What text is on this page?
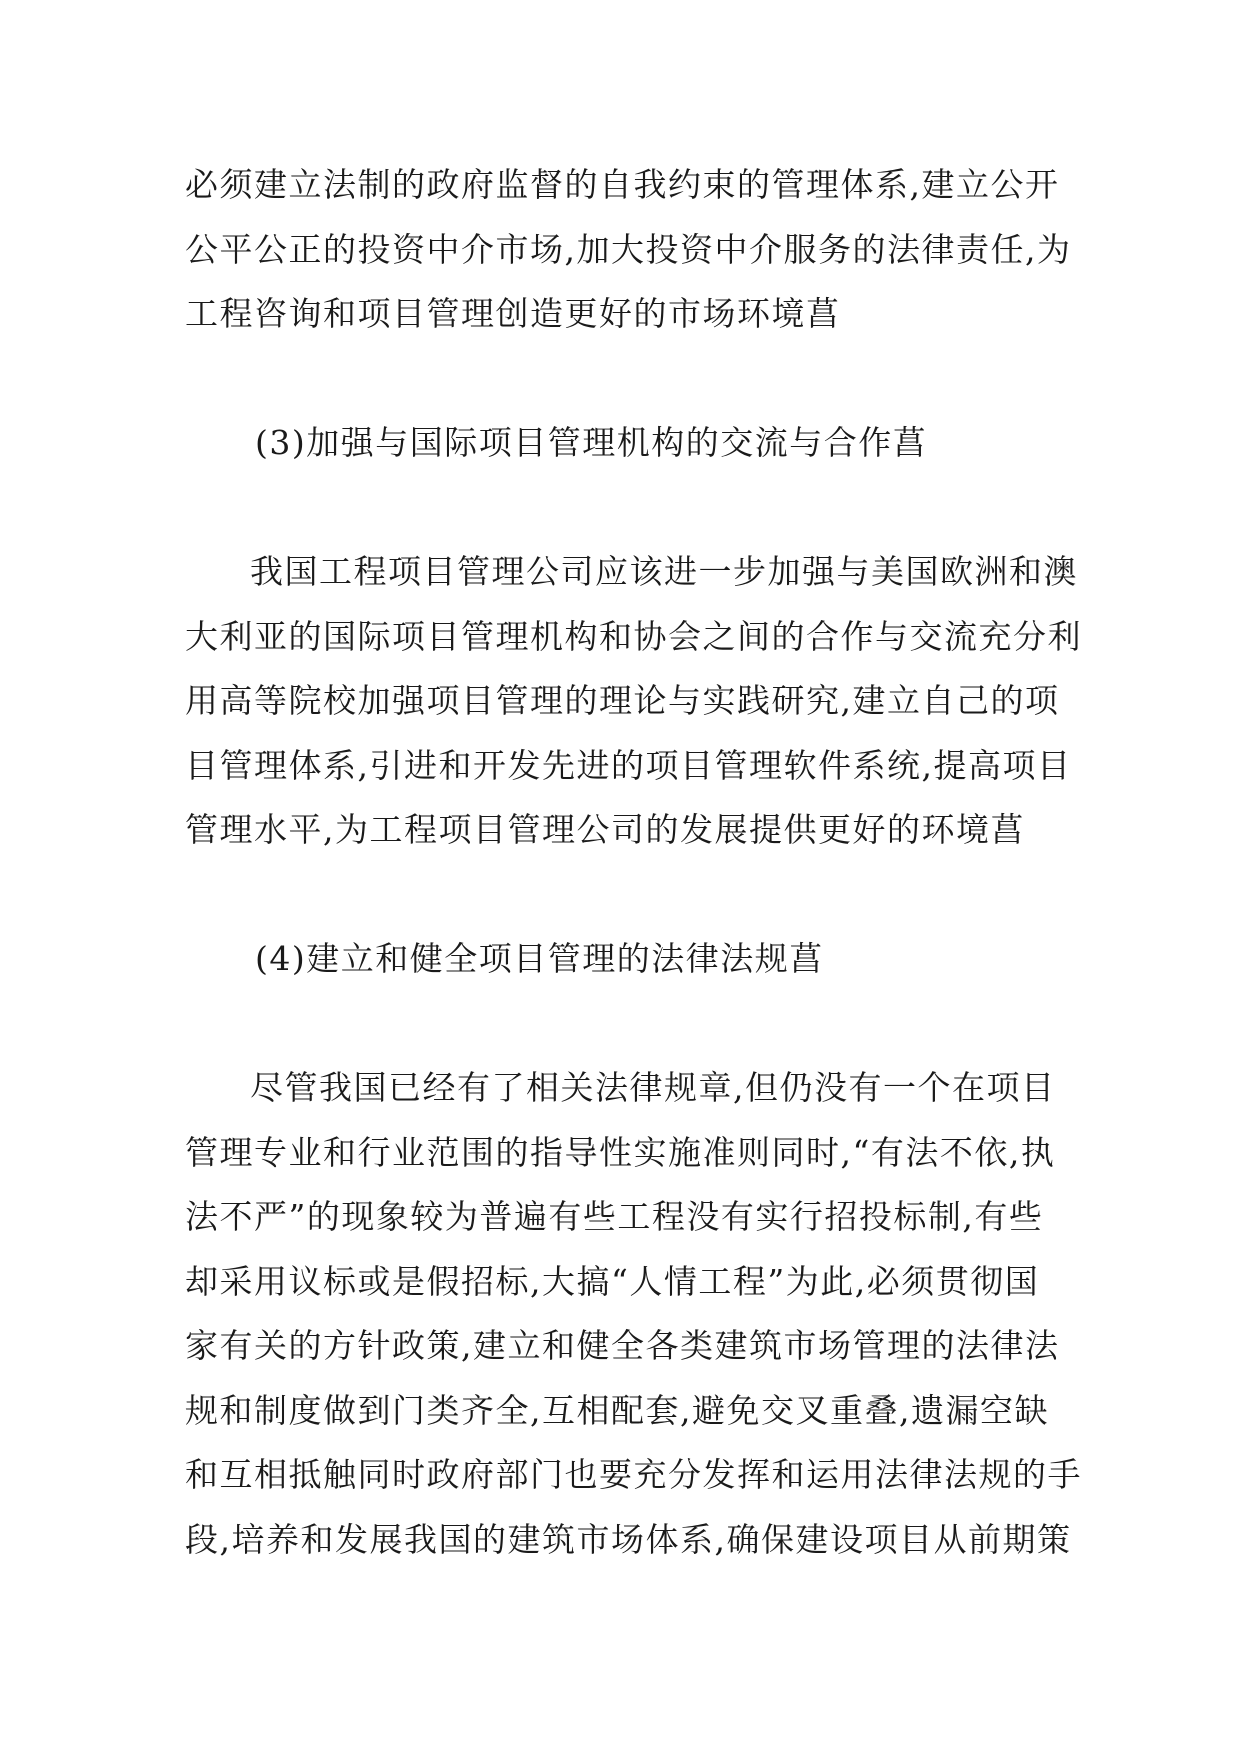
必须建立法制的政府监督的自我约束的管理体系,建立公开
公平公正的投资中介市场,加大投资中介服务的法律责任,为
工程咨询和项目管理创造更好的市场环境菖
(3)加强与国际项目管理机构的交流与合作菖
我国工程项目管理公司应该进一步加强与美国欧洲和澳
大利亚的国际项目管理机构和协会之间的合作与交流充分利
用高等院校加强项目管理的理论与实践研究,建立自己的项
目管理体系,引进和开发先进的项目管理软件系统,提高项目
管理水平,为工程项目管理公司的发展提供更好的环境菖
(4)建立和健全项目管理的法律法规菖
尽管我国已经有了相关法律规章,但仍没有一个在项目
管理专业和行业范围的指导性实施准则同时,“有法不依,执
法不严”的现象较为普遍有些工程没有实行招投标制,有些
却采用议标或是假招标,大搞“人情工程”为此,必须贯彻国
家有关的方针政策,建立和健全各类建筑市场管理的法律法
规和制度做到门类齐全,互相配套,避免交叉重叠,遗漏空缺
和互相抵触同时政府部门也要充分发挥和运用法律法规的手
段,培养和发展我国的建筑市场体系,确保建设项目从前期策
